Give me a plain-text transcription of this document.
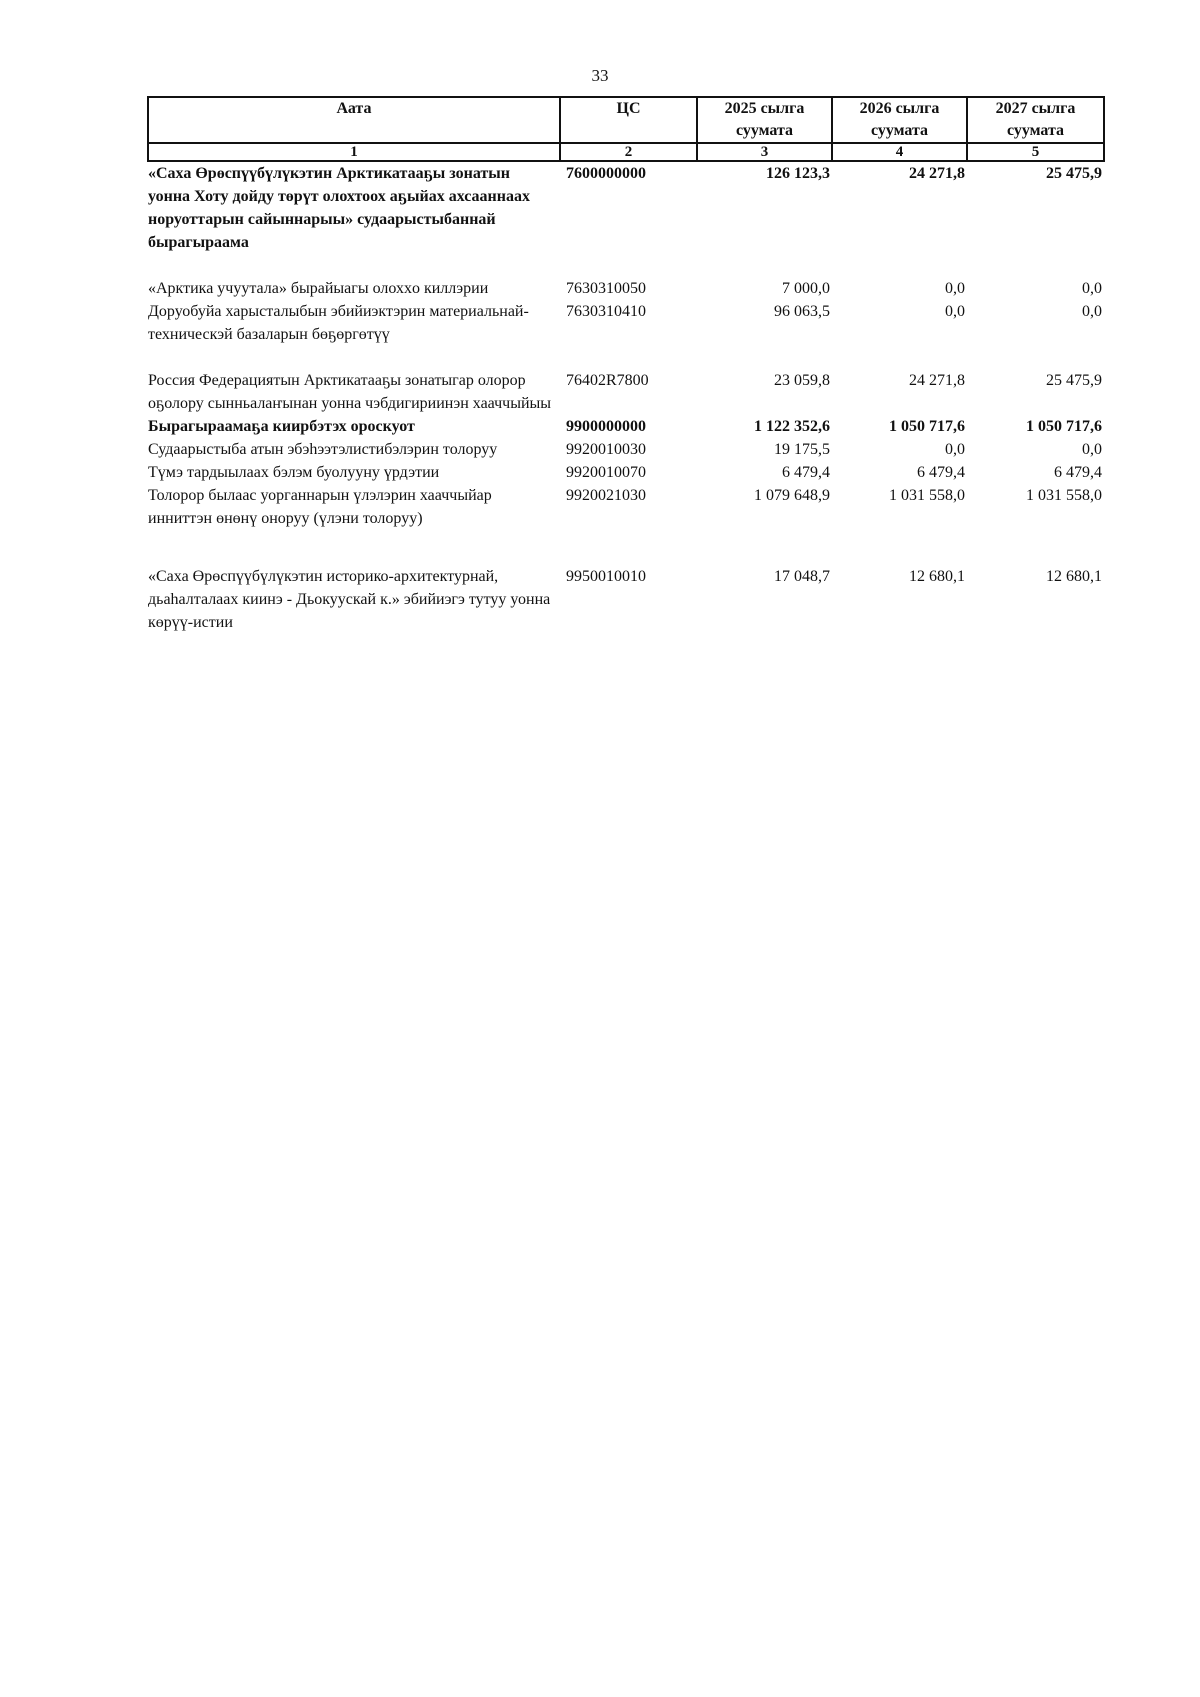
33
Аата	ЦС	2025 сылга суумата	2026 сылга суумата	2027 сылга суумата
1	2	3	4	5
«Саха Өрөспүүбүлүкэтин Арктикатааҕы зонатын уонна Хоту дойду төрүт олохтоох аҕыйах ахсааннаах норуоттарын сайыннарыы» судаарыстыбаннай бырагыраама	7600000000	126 123,3	24 271,8	25 475,9
«Арктика учуутала» бырайыагы олохxo киллэрии	7630310050	7 000,0	0,0	0,0
Доруобуйа харысталыбын эбийиэктэрин материальнай-техническэй базаларын бөҕөргөтүү	7630310410	96 063,5	0,0	0,0
Россия Федерациятын Арктикатааҕы зонатыгар олорор оҕолору сынньалаҥынан уонна чэбдигириинэн хааччыйыы	76402R7800	23 059,8	24 271,8	25 475,9
Бырагыраамаҕа киирбэтэх ороскуот	9900000000	1 122 352,6	1 050 717,6	1 050 717,6
Судаарыстыба атын эбэһээтэлистибэлэрин толоруу	9920010030	19 175,5	0,0	0,0
Түмэ тардыылаах бэлэм буолууну үрдэтии	9920010070	6 479,4	6 479,4	6 479,4
Толорор былаас уорганнарын үлэлэрин хааччыйар инниттэн өнөнү онoруу (үлэни толоруу)	9920021030	1 079 648,9	1 031 558,0	1 031 558,0
«Саха Өрөспүүбүлүкэтин историко-архитектурнай, дьаһалталаах киинэ - Дьокуускай к.» эбийиэгэ тутуу уонна көрүү-истии	9950010010	17 048,7	12 680,1	12 680,1
